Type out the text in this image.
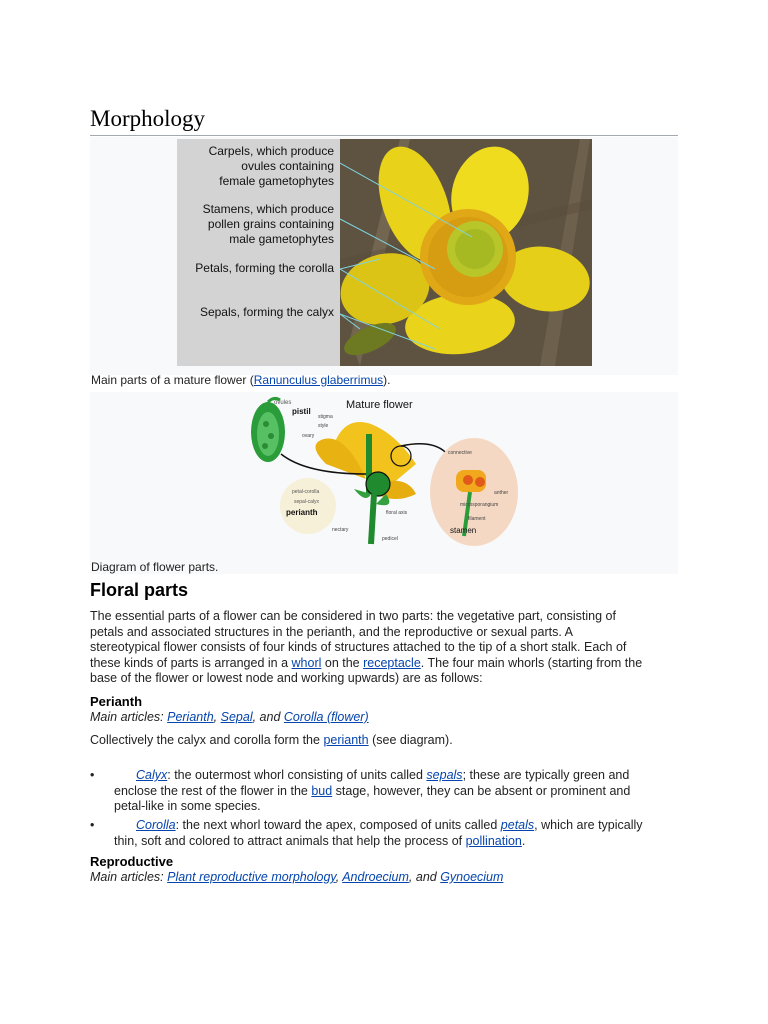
Morphology
Carpels, which produce
ovules containing
female gametophytes
Stamens, which produce
pollen grains containing
male gametophytes
Petals, forming the corolla
Sepals, forming the calyx
Main parts of a mature flower (Ranunculus glaberrimus).
ovules
pistil
Mature flower
stigma
style
ovary
petal-corolla
sepal-calyx
perianth
nectary
floral axis
pedicel
connective
anther
microsporangium
filament
stamen
Diagram of flower parts.
Floral parts
The essential parts of a flower can be considered in two parts: the vegetative part, consisting of
petals and associated structures in the perianth, and the reproductive or sexual parts. A
stereotypical flower consists of four kinds of structures attached to the tip of a short stalk. Each of
these kinds of parts is arranged in a whorl on the receptacle. The four main whorls (starting from the
base of the flower or lowest node and working upwards) are as follows:
Perianth
Main articles: Perianth, Sepal, and Corolla (flower)
Collectively the calyx and corolla form the perianth (see diagram).
•	Calyx: the outermost whorl consisting of units called sepals; these are typically green and
enclose the rest of the flower in the bud stage, however, they can be absent or prominent and
petal-like in some species.
•	Corolla: the next whorl toward the apex, composed of units called petals, which are typically
thin, soft and colored to attract animals that help the process of pollination.
Reproductive
Main articles: Plant reproductive morphology, Androecium, and Gynoecium
